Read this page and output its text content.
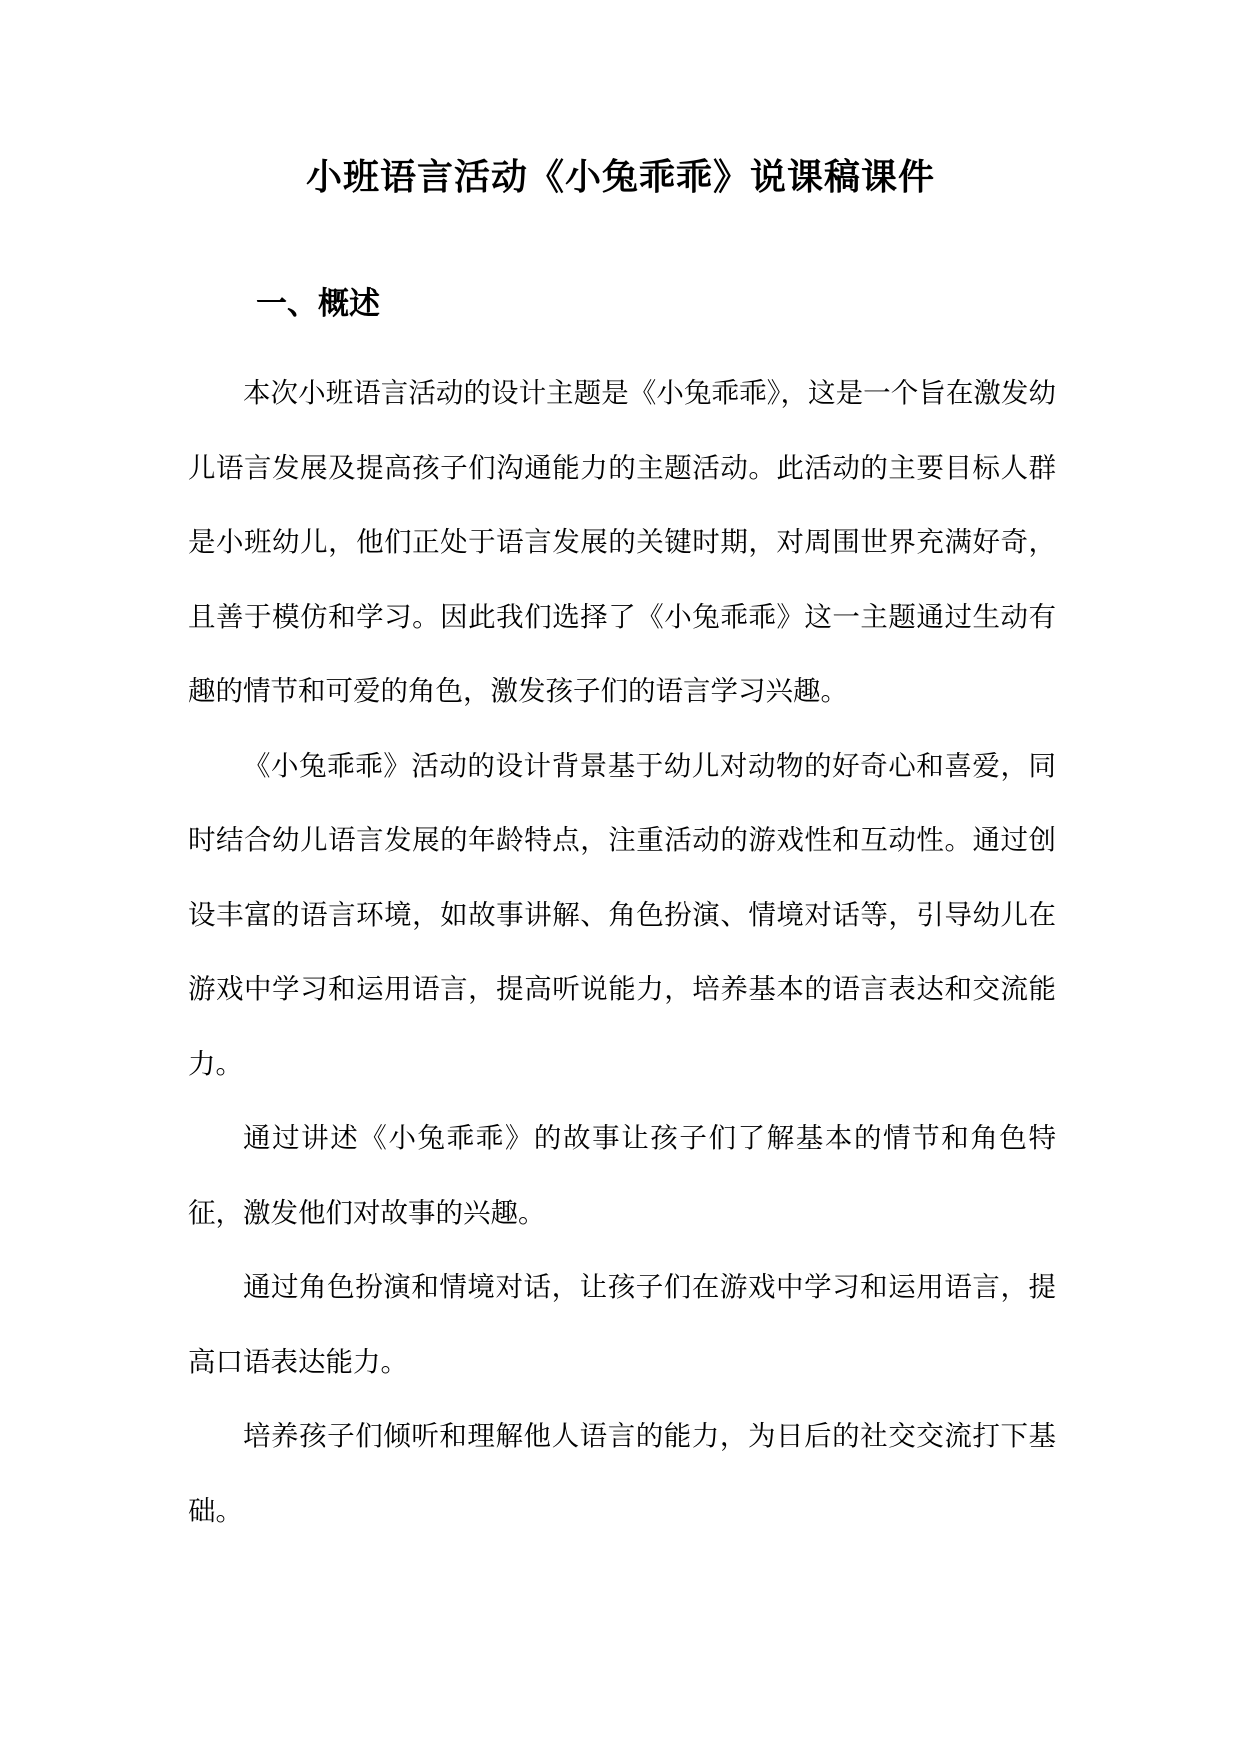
小班语言活动《小兔乖乖》说课稿课件
一、概述

本次小班语言活动的设计主题是《小兔乖乖》，这是一个旨在激发幼儿语言发展及提高孩子们沟通能力的主题活动。此活动的主要目标人群是小班幼儿，他们正处于语言发展的关键时期，对周围世界充满好奇，且善于模仿和学习。因此我们选择了《小兔乖乖》这一主题通过生动有趣的情节和可爱的角色，激发孩子们的语言学习兴趣。

《小兔乖乖》活动的设计背景基于幼儿对动物的好奇心和喜爱，同时结合幼儿语言发展的年龄特点，注重活动的游戏性和互动性。通过创设丰富的语言环境，如故事讲解、角色扮演、情境对话等，引导幼儿在游戏中学习和运用语言，提高听说能力，培养基本的语言表达和交流能力。

通过讲述《小兔乖乖》的故事让孩子们了解基本的情节和角色特征，激发他们对故事的兴趣。

通过角色扮演和情境对话，让孩子们在游戏中学习和运用语言，提高口语表达能力。

培养孩子们倾听和理解他人语言的能力，为日后的社交交流打下基础。
